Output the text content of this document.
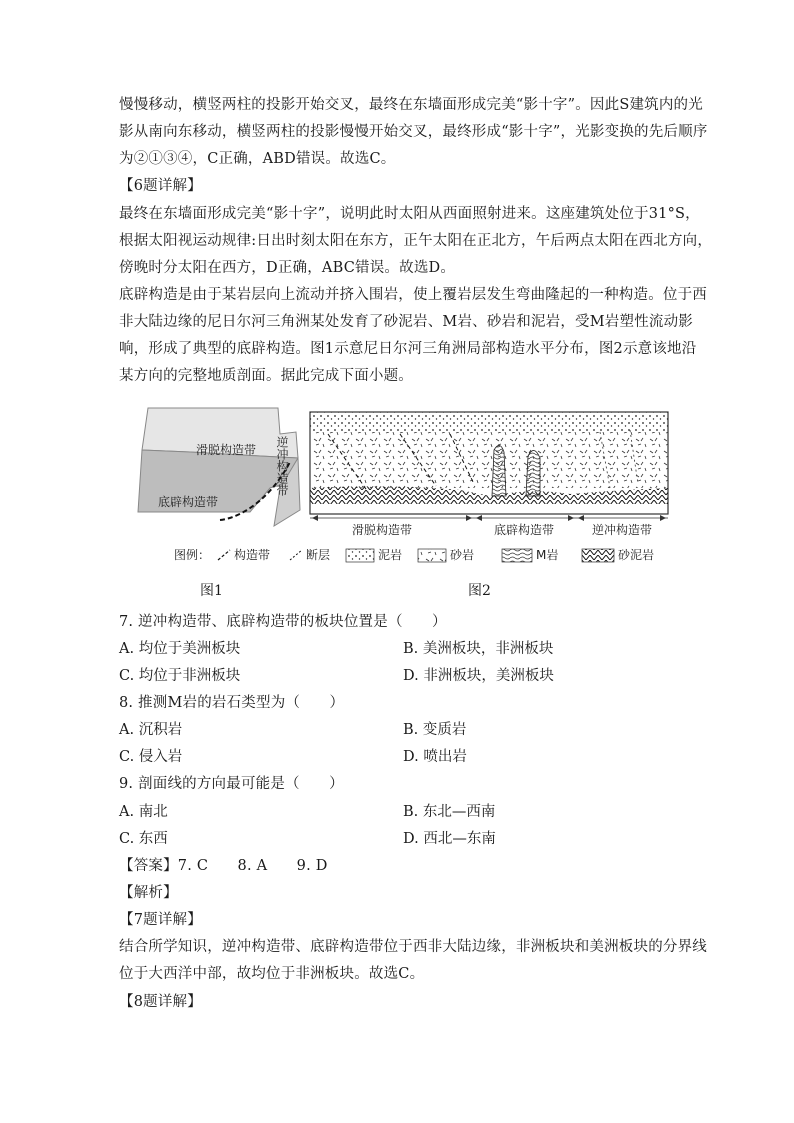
慢慢移动，横竖两柱的投影开始交叉，最终在东墙面形成完美“影十字”。因此S建筑内的光
影从南向东移动，横竖两柱的投影慢慢开始交叉，最终形成“影十字”，光影变换的先后顺序
为②①③④，C正确，ABD错误。故选C。
【6题详解】
最终在东墙面形成完美“影十字”，说明此时太阳从西面照射进来。这座建筑处位于31°S，
根据太阳视运动规律:日出时刻太阳在东方，正午太阳在正北方，午后两点太阳在西北方向，
傍晚时分太阳在西方，D正确，ABC错误。故选D。
底辟构造是由于某岩层向上流动并挤入围岩，使上覆岩层发生弯曲隆起的一种构造。位于西
非大陆边缘的尼日尔河三角洲某处发育了砂泥岩、M岩、砂岩和泥岩，受M岩塑性流动影
响，形成了典型的底辟构造。图1示意尼日尔河三角洲局部构造水平分布，图2示意该地沿
某方向的完整地质剖面。据此完成下面小题。
滑脱构造带
底辟构造带
逆冲构造带
滑脱构造带	底辟构造带	逆冲构造带
图例： 构造带	断层	泥岩	砂岩	M岩	砂泥岩
图1	图2
7. 逆冲构造带、底辟构造带的板块位置是（　　）
A. 均位于美洲板块	B. 美洲板块，非洲板块
C. 均位于非洲板块	D. 非洲板块，美洲板块
8. 推测M岩的岩石类型为（　　）
A. 沉积岩	B. 变质岩
C. 侵入岩	D. 喷出岩
9. 剖面线的方向最可能是（　　）
A. 南北	B. 东北—西南
C. 东西	D. 西北—东南
【答案】7. C　　8. A　　9. D
【解析】
【7题详解】
结合所学知识，逆冲构造带、底辟构造带位于西非大陆边缘，非洲板块和美洲板块的分界线
位于大西洋中部，故均位于非洲板块。故选C。
【8题详解】
